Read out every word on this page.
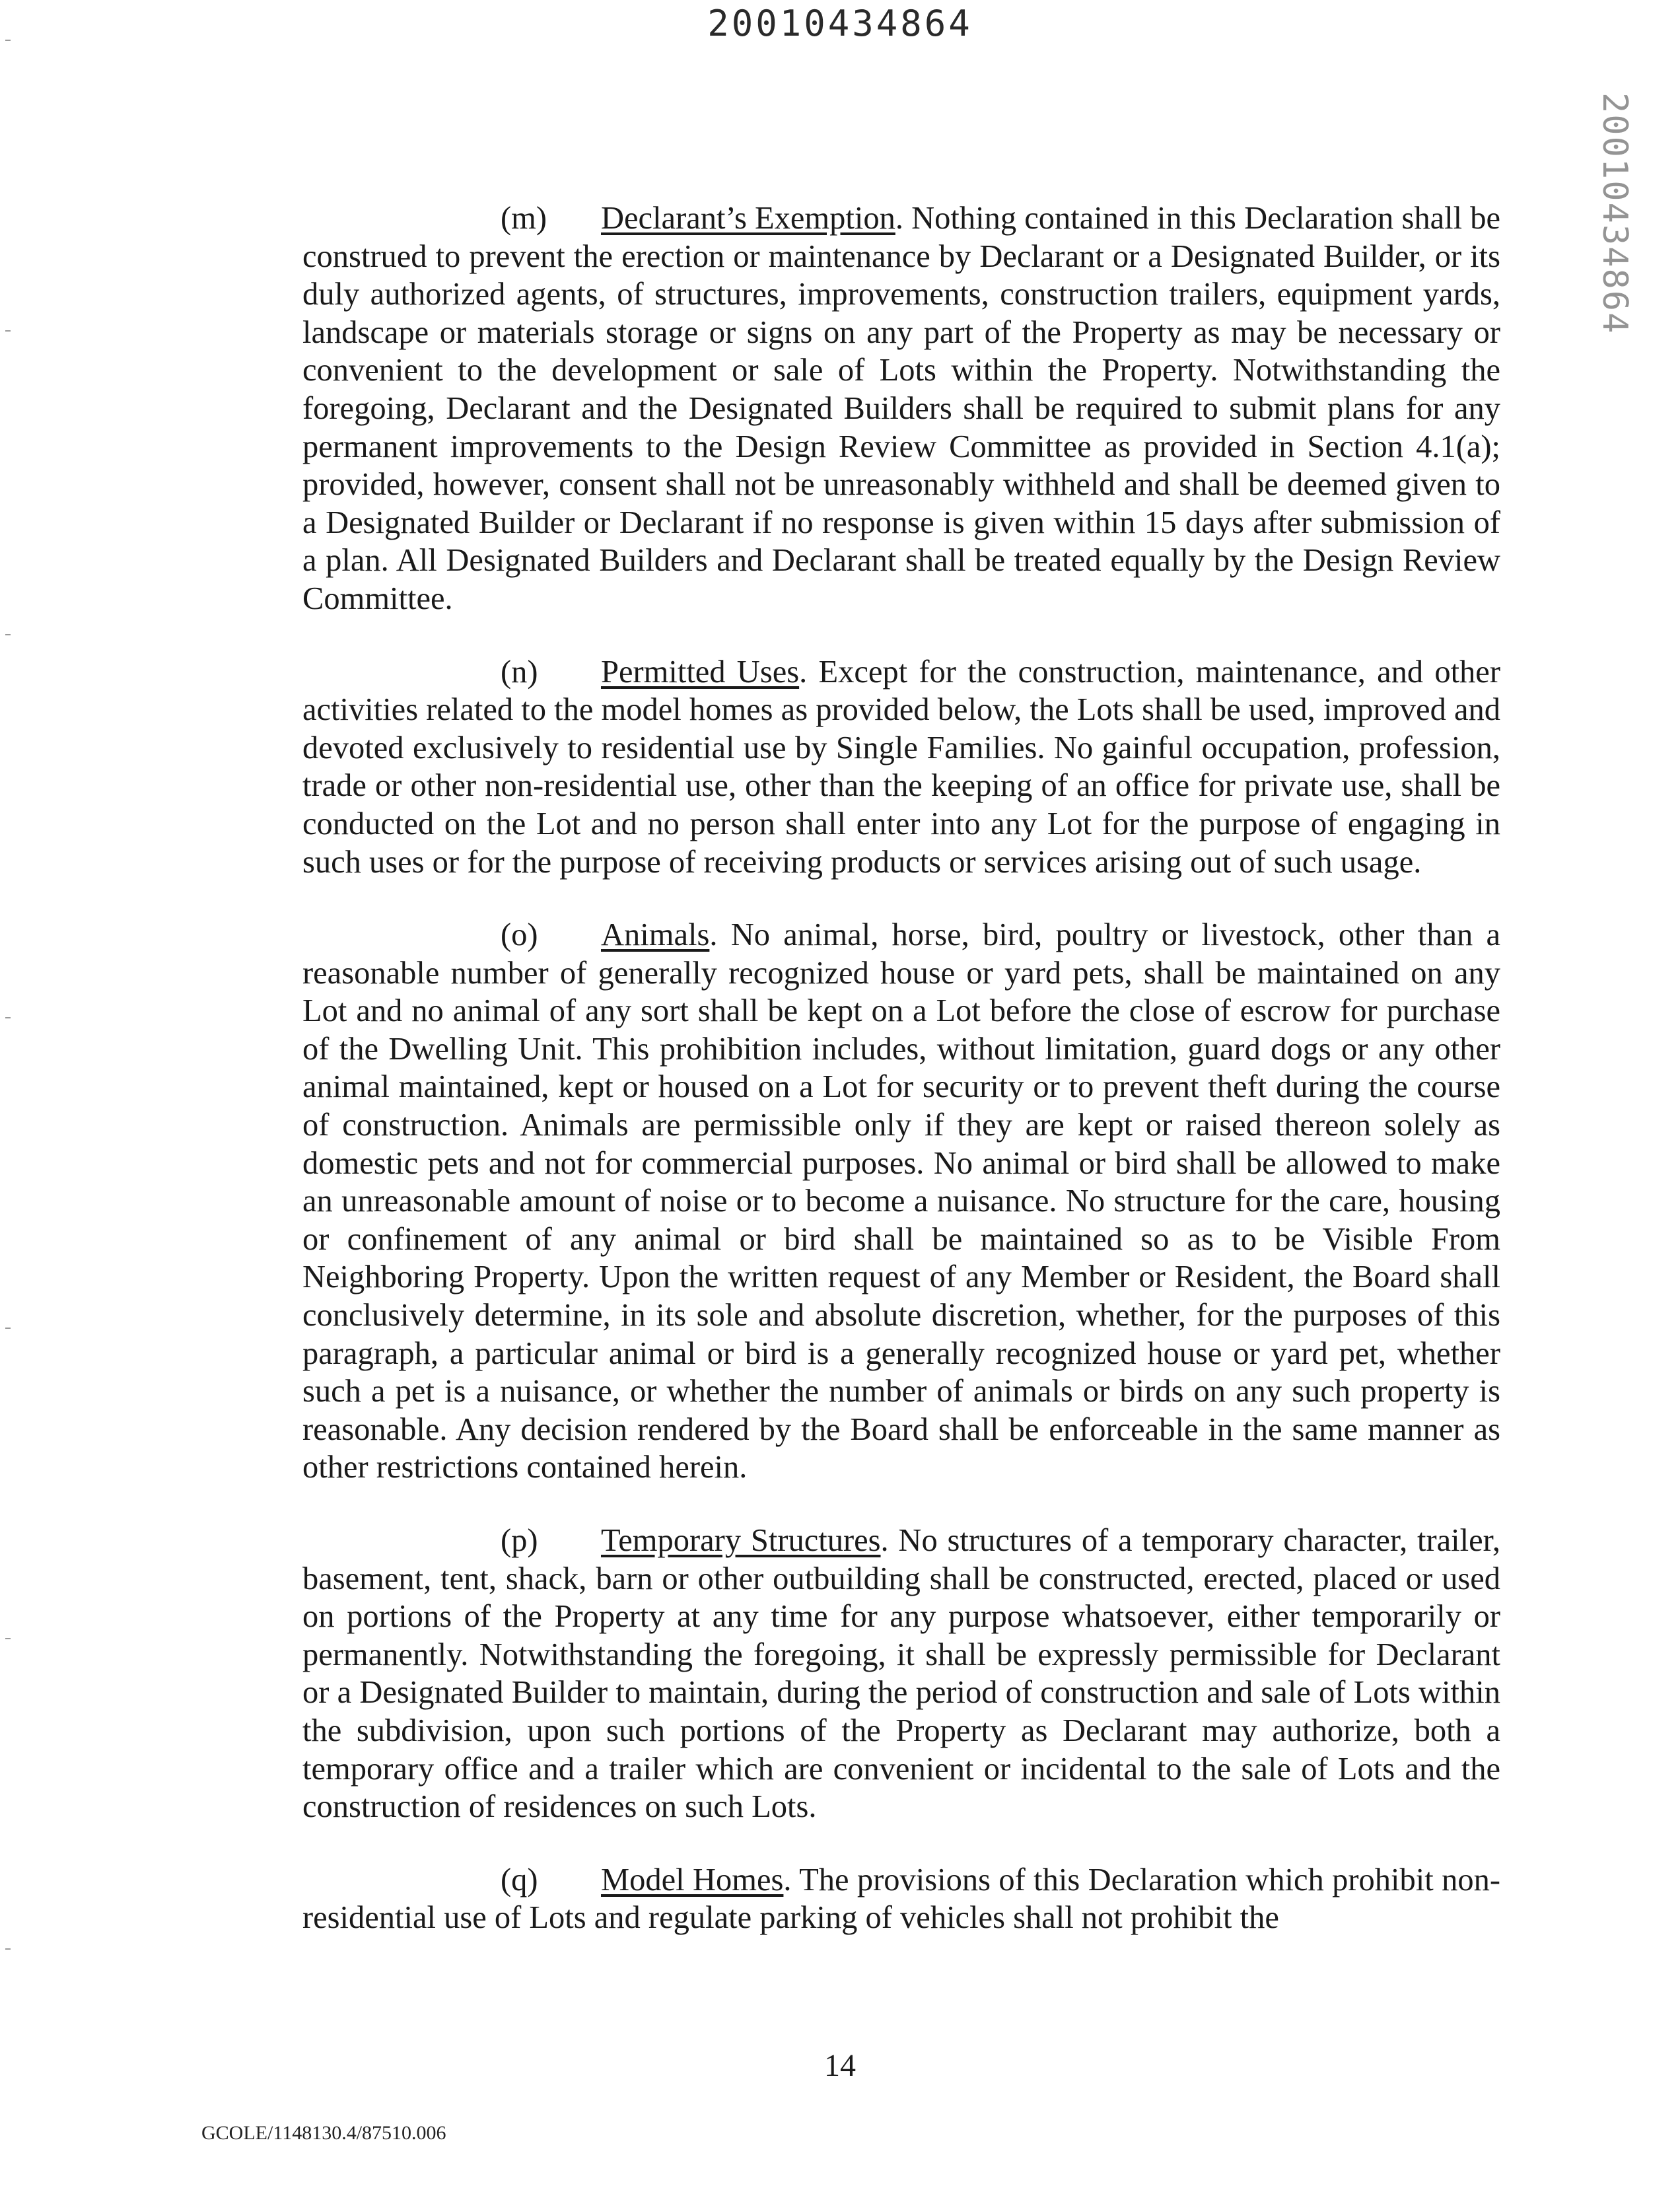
20010434864
20010434864

(m) Declarant’s Exemption. Nothing contained in this Declaration shall be construed to prevent the erection or maintenance by Declarant or a Designated Builder, or its duly authorized agents, of structures, improvements, construction trailers, equipment yards, landscape or materials storage or signs on any part of the Property as may be necessary or convenient to the development or sale of Lots within the Property. Notwithstanding the foregoing, Declarant and the Designated Builders shall be required to submit plans for any permanent improvements to the Design Review Committee as provided in Section 4.1(a); provided, however, consent shall not be unreasonably withheld and shall be deemed given to a Designated Builder or Declarant if no response is given within 15 days after submission of a plan. All Designated Builders and Declarant shall be treated equally by the Design Review Committee.

(n) Permitted Uses. Except for the construction, maintenance, and other activities related to the model homes as provided below, the Lots shall be used, improved and devoted exclusively to residential use by Single Families. No gainful occupation, profession, trade or other non-residential use, other than the keeping of an office for private use, shall be conducted on the Lot and no person shall enter into any Lot for the purpose of engaging in such uses or for the purpose of receiving products or services arising out of such usage.

(o) Animals. No animal, horse, bird, poultry or livestock, other than a reasonable number of generally recognized house or yard pets, shall be maintained on any Lot and no animal of any sort shall be kept on a Lot before the close of escrow for purchase of the Dwelling Unit. This prohibition includes, without limitation, guard dogs or any other animal maintained, kept or housed on a Lot for security or to prevent theft during the course of construction. Animals are permissible only if they are kept or raised thereon solely as domestic pets and not for commercial purposes. No animal or bird shall be allowed to make an unreasonable amount of noise or to become a nuisance. No structure for the care, housing or confinement of any animal or bird shall be maintained so as to be Visible From Neighboring Property. Upon the written request of any Member or Resident, the Board shall conclusively determine, in its sole and absolute discretion, whether, for the purposes of this paragraph, a particular animal or bird is a generally recognized house or yard pet, whether such a pet is a nuisance, or whether the number of animals or birds on any such property is reasonable. Any decision rendered by the Board shall be enforceable in the same manner as other restrictions contained herein.

(p) Temporary Structures. No structures of a temporary character, trailer, basement, tent, shack, barn or other outbuilding shall be constructed, erected, placed or used on portions of the Property at any time for any purpose whatsoever, either temporarily or permanently. Notwithstanding the foregoing, it shall be expressly permissible for Declarant or a Designated Builder to maintain, during the period of construction and sale of Lots within the subdivision, upon such portions of the Property as Declarant may authorize, both a temporary office and a trailer which are convenient or incidental to the sale of Lots and the construction of residences on such Lots.

(q) Model Homes. The provisions of this Declaration which prohibit non-residential use of Lots and regulate parking of vehicles shall not prohibit the

14
GCOLE/1148130.4/87510.006
